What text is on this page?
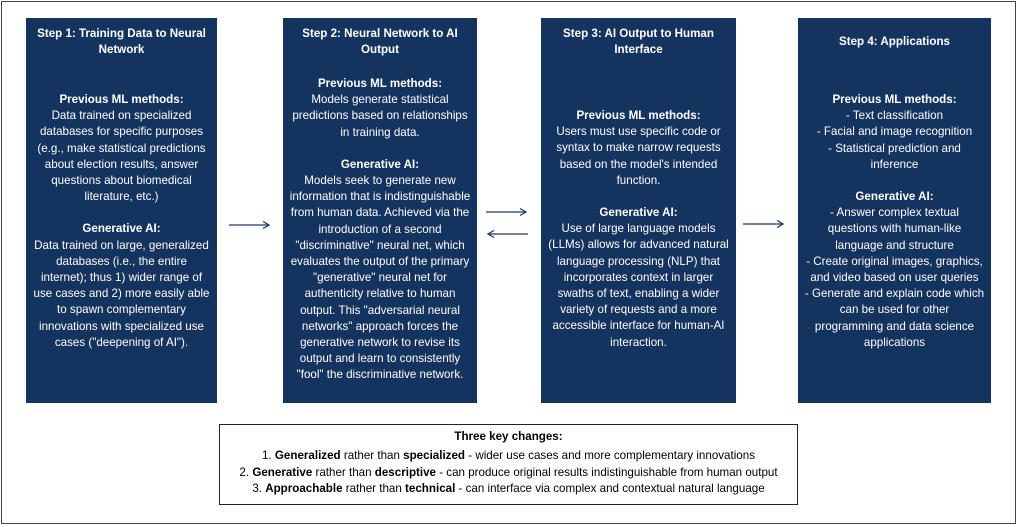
Step 1: Training Data to Neural Network
Previous ML methods:
Data trained on specialized databases for specific purposes (e.g., make statistical predictions about election results, answer questions about biomedical literature, etc.)
Generative AI:
Data trained on large, generalized databases (i.e., the entire internet); thus 1) wider range of use cases and 2) more easily able to spawn complementary innovations with specialized use cases ("deepening of AI").
Step 2: Neural Network to AI Output
Previous ML methods:
Models generate statistical predictions based on relationships in training data.
Generative AI:
Models seek to generate new information that is indistinguishable from human data. Achieved via the introduction of a second "discriminative" neural net, which evaluates the output of the primary "generative" neural net for authenticity relative to human output. This "adversarial neural networks" approach forces the generative network to revise its output and learn to consistently "fool" the discriminative network.
Step 3: AI Output to Human Interface
Previous ML methods:
Users must use specific code or syntax to make narrow requests based on the model's intended function.
Generative AI:
Use of large language models (LLMs) allows for advanced natural language processing (NLP) that incorporates context in larger swaths of text, enabling a wider variety of requests and a more accessible interface for human-AI interaction.
Step 4: Applications
Previous ML methods:
- Text classification
- Facial and image recognition
- Statistical prediction and inference
Generative AI:
- Answer complex textual questions with human-like language and structure
- Create original images, graphics, and video based on user queries
- Generate and explain code which can be used for other programming and data science applications
Three key changes:
1. Generalized rather than specialized - wider use cases and more complementary innovations
2. Generative rather than descriptive - can produce original results indistinguishable from human output
3. Approachable rather than technical - can interface via complex and contextual natural language
